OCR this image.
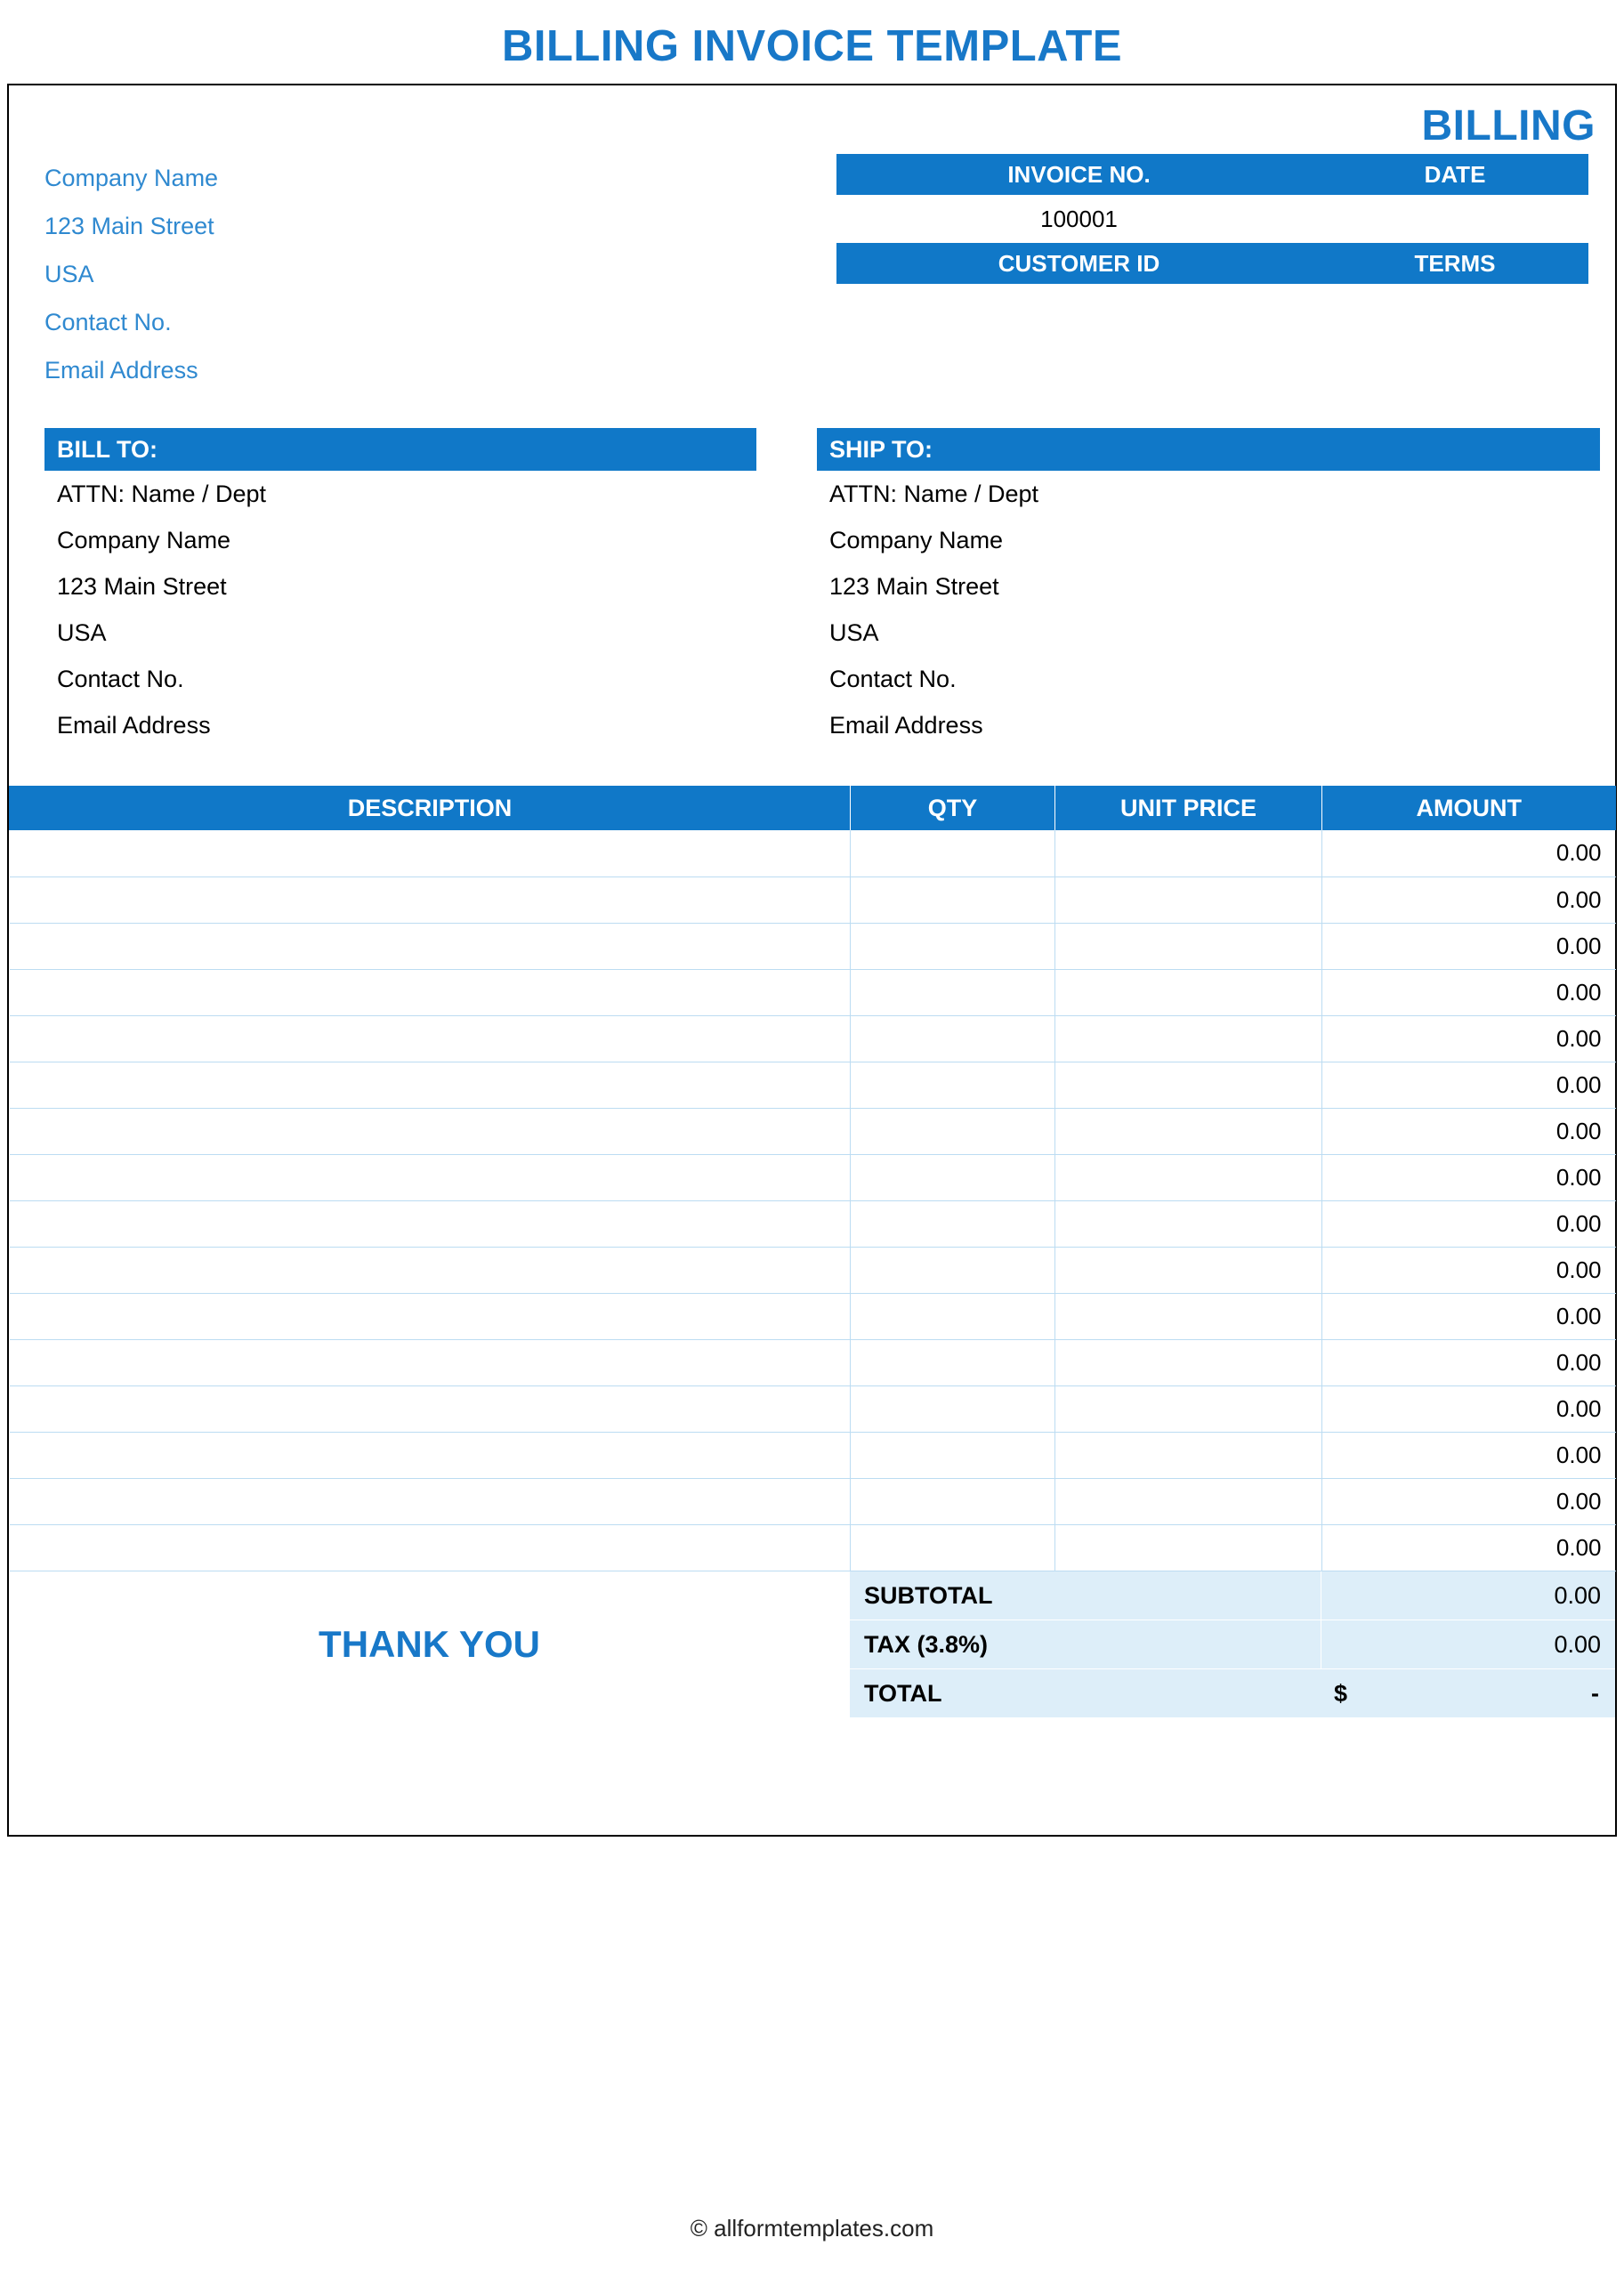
BILLING INVOICE TEMPLATE
BILLING
Company Name
123 Main Street
USA
Contact No.
Email Address
INVOICE NO.	DATE
100001
CUSTOMER ID	TERMS
BILL TO:
ATTN: Name / Dept
Company Name
123 Main Street
USA
Contact No.
Email Address
SHIP TO:
ATTN: Name / Dept
Company Name
123 Main Street
USA
Contact No.
Email Address
DESCRIPTION	QTY	UNIT PRICE	AMOUNT
			0.00
			0.00
			0.00
			0.00
			0.00
			0.00
			0.00
			0.00
			0.00
			0.00
			0.00
			0.00
			0.00
			0.00
			0.00
			0.00
THANK YOU
SUBTOTAL	0.00
TAX (3.8%)	0.00
TOTAL	$	-
© allformtemplates.com
